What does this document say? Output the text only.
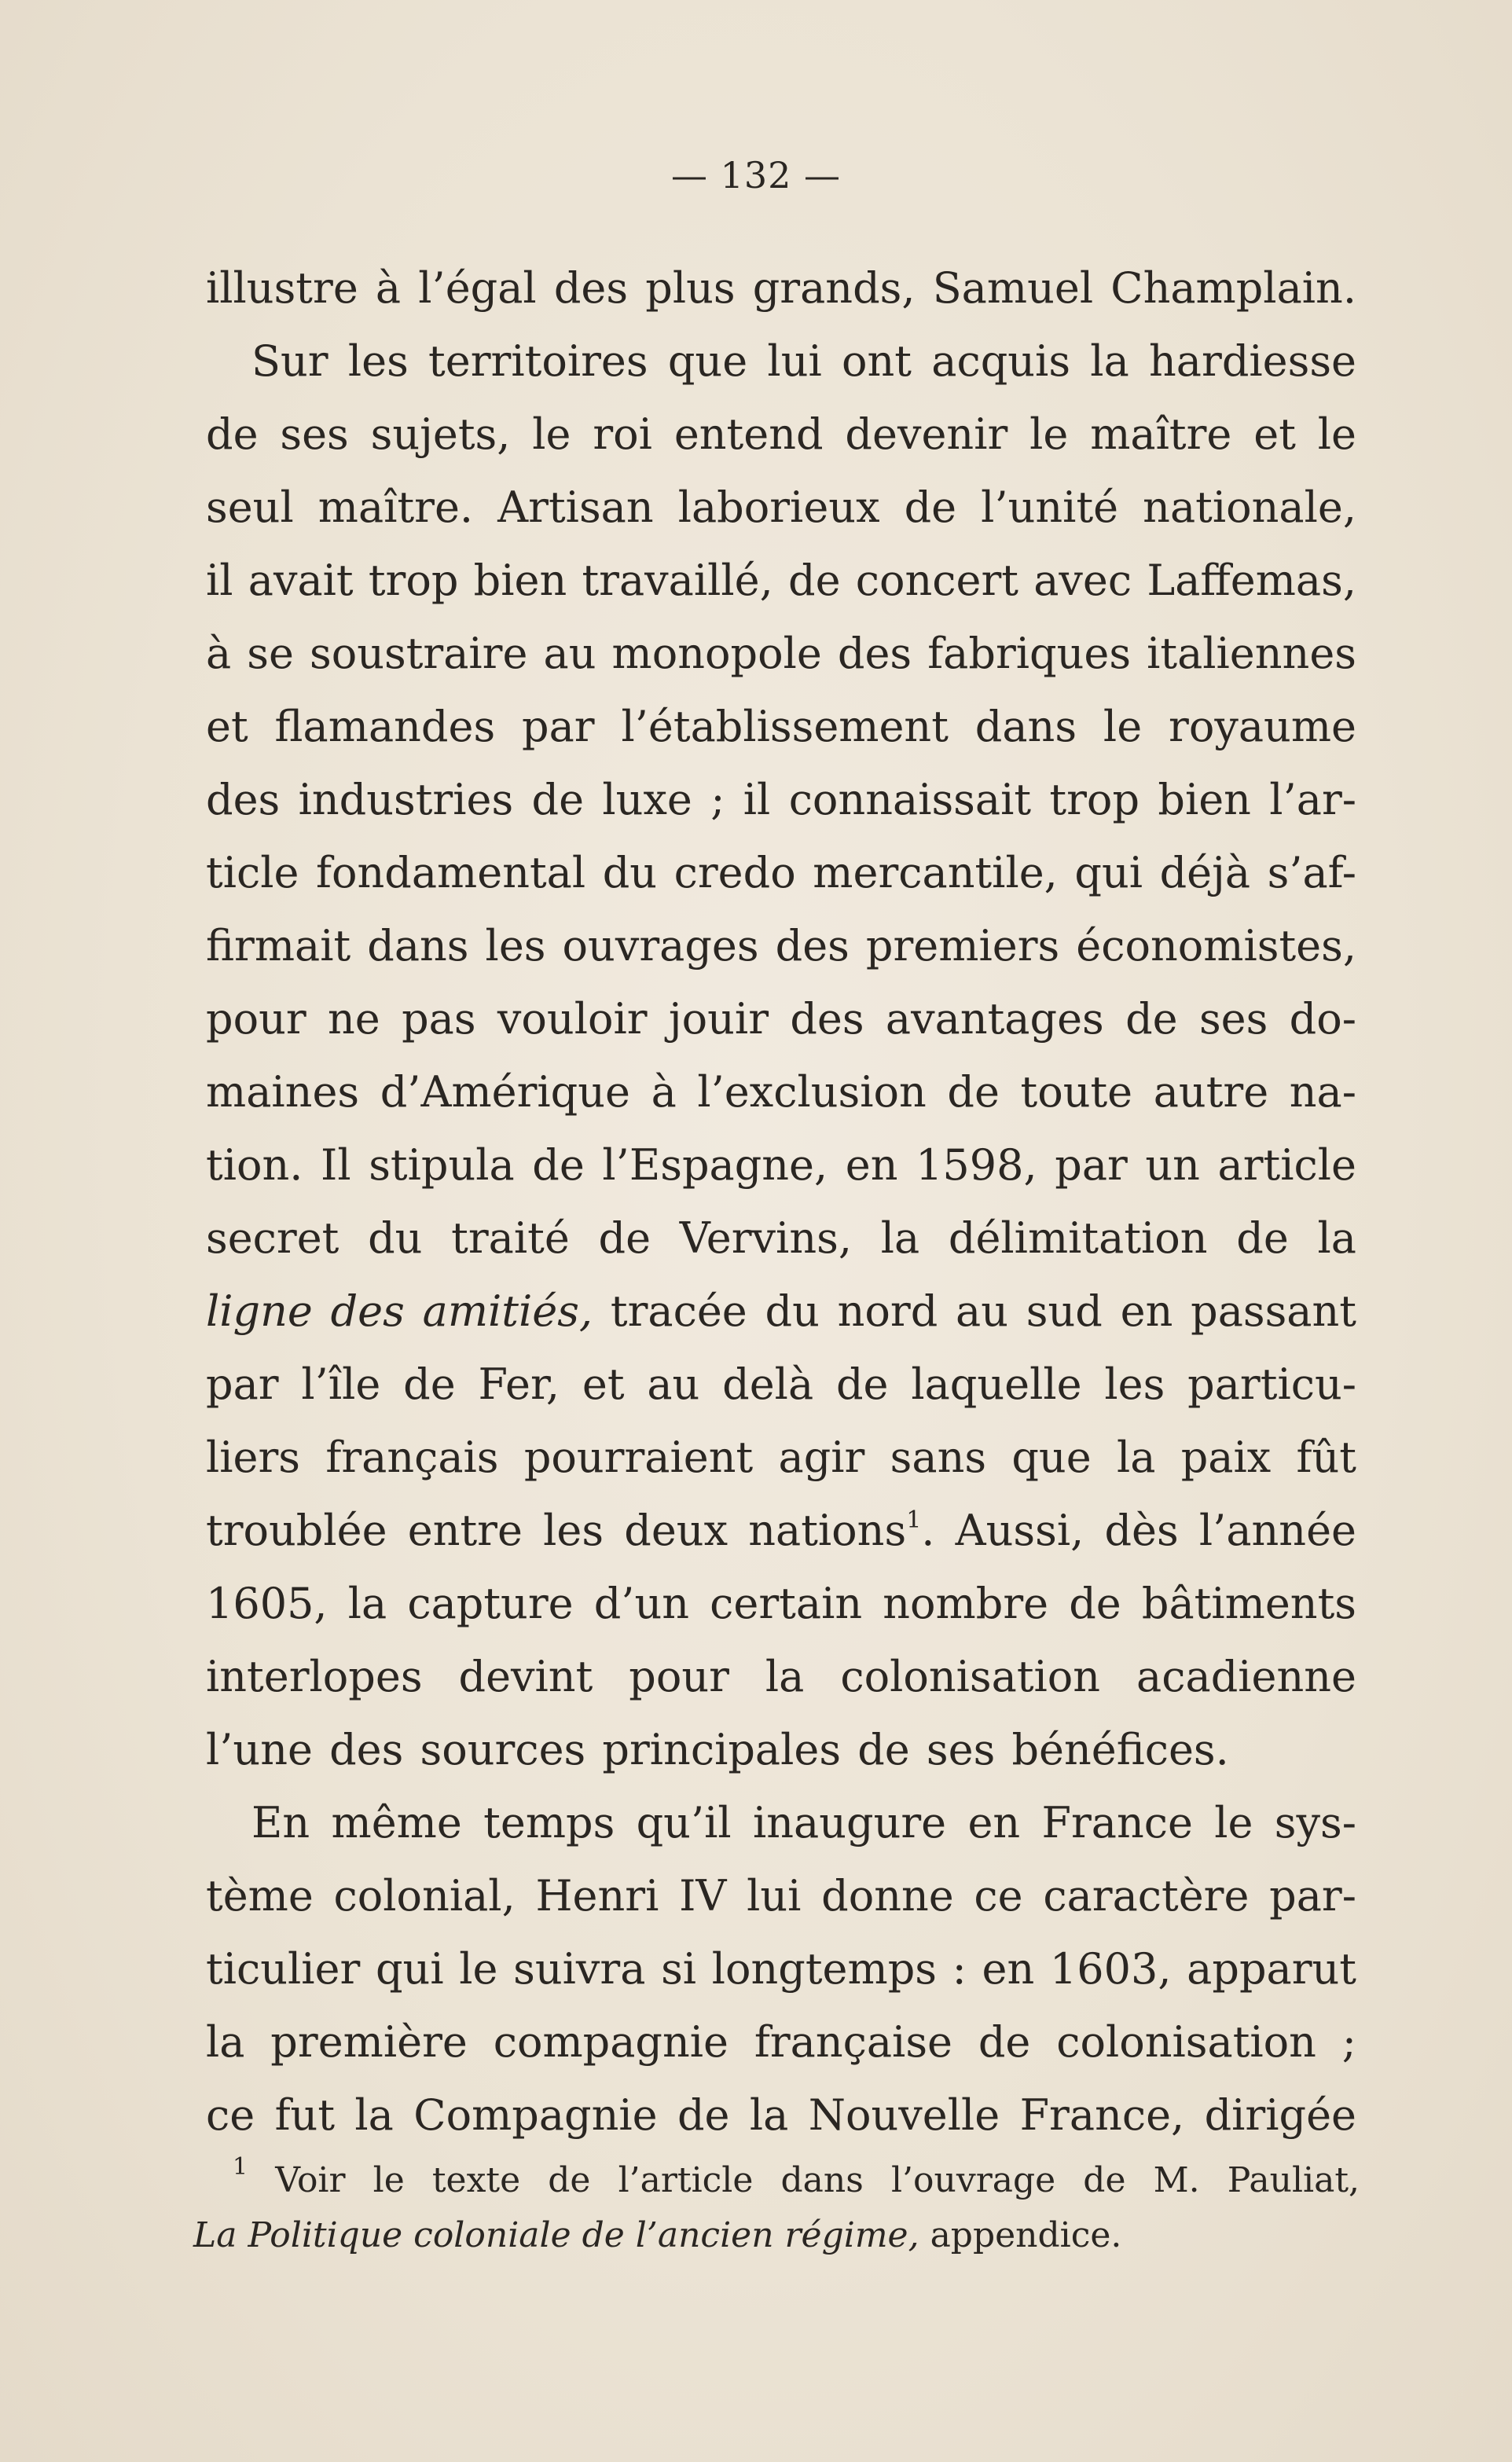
— 132 —
illustre à l’égal des plus grands, Samuel Champlain.
Sur les territoires que lui ont acquis la hardiesse
de ses sujets, le roi entend devenir le maître et le
seul maître. Artisan laborieux de l’unité nationale,
il avait trop bien travaillé, de concert avec Laffemas,
à se soustraire au monopole des fabriques italiennes
et flamandes par l’établissement dans le royaume
des industries de luxe ; il connaissait trop bien l’ar-
ticle fondamental du credo mercantile, qui déjà s’af-
firmait dans les ouvrages des premiers économistes,
pour ne pas vouloir jouir des avantages de ses do-
maines d’Amérique à l’exclusion de toute autre na-
tion. Il stipula de l’Espagne, en 1598, par un article
secret du traité de Vervins, la délimitation de la
ligne des amitiés, tracée du nord au sud en passant
par l’île de Fer, et au delà de laquelle les particu-
liers français pourraient agir sans que la paix fût
troublée entre les deux nations$^1$. Aussi, dès l’année
1605, la capture d’un certain nombre de bâtiments
interlopes devint pour la colonisation acadienne
l’une des sources principales de ses bénéfices.
En même temps qu’il inaugure en France le sys-
tème colonial, Henri IV lui donne ce caractère par-
ticulier qui le suivra si longtemps : en 1603, apparut
la première compagnie française de colonisation ;
ce fut la Compagnie de la Nouvelle France, dirigée
$^1$ Voir le texte de l’article dans l’ouvrage de M. Pauliat,
La Politique coloniale de l’ancien régime, appendice.
